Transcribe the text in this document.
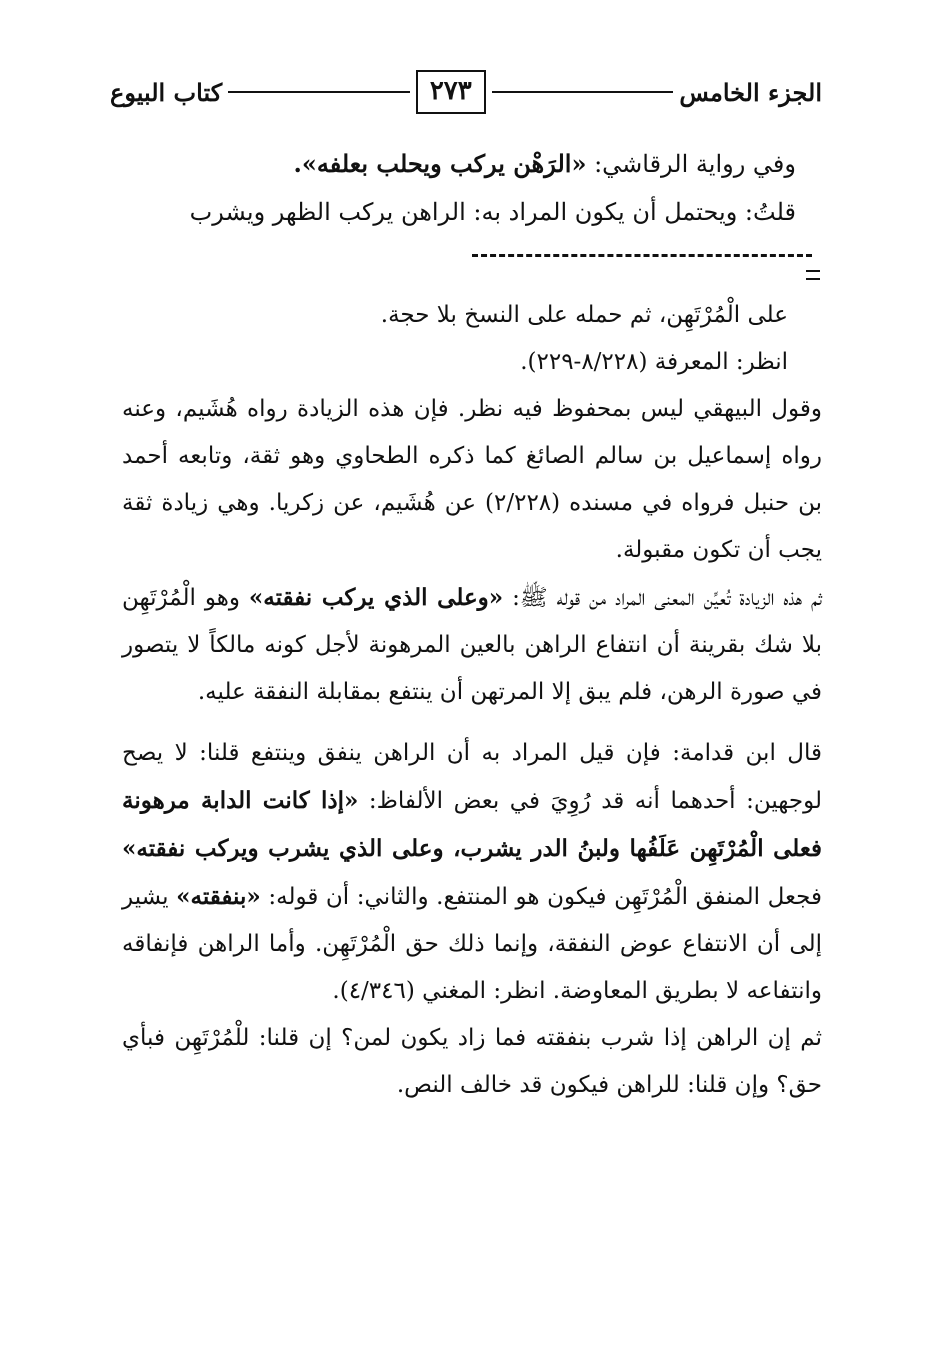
الجزء الخامس
٢٧٣
كتاب البيوع

وفي رواية الرقاشي: «الرَهْن يركب ويحلب بعلفه».

قلتُ: ويحتمل أن يكون المراد به: الراهن يركب الظهر ويشرب

على الْمُرْتَهِن، ثم حمله على النسخ بلا حجة.

انظر: المعرفة (٨/٢٢٨-٢٢٩).

وقول البيهقي ليس بمحفوظ فيه نظر. فإن هذه الزيادة رواه هُشَيم، وعنه رواه إسماعيل بن سالم الصائغ كما ذكره الطحاوي وهو ثقة، وتابعه أحمد بن حنبل فرواه في مسنده (٢/٢٢٨) عن هُشَيم، عن زكريا. وهي زيادة ثقة يجب أن تكون مقبولة.

ثم هذه الزيادة تُعيِّن المعنى المراد من قوله ﷺ: «وعلى الذي يركب نفقته» وهو الْمُرْتَهِن بلا شك بقرينة أن انتفاع الراهن بالعين المرهونة لأجل كونه مالكاً لا يتصور في صورة الرهن، فلم يبق إلا المرتهن أن ينتفع بمقابلة النفقة عليه.

قال ابن قدامة: فإن قيل المراد به أن الراهن ينفق وينتفع قلنا: لا يصح لوجهين: أحدهما أنه قد رُوِيَ في بعض الألفاظ: «إذا كانت الدابة مرهونة فعلى الْمُرْتَهِن عَلَفُها ولبنُ الدر يشرب، وعلى الذي يشرب ويركب نفقته» فجعل المنفق الْمُرْتَهِن فيكون هو المنتفع. والثاني: أن قوله: «بنفقته» يشير إلى أن الانتفاع عوض النفقة، وإنما ذلك حق الْمُرْتَهِن. وأما الراهن فإنفاقه وانتفاعه لا بطريق المعاوضة. انظر: المغني (٤/٣٤٦).

ثم إن الراهن إذا شرب بنفقته فما زاد يكون لمن؟ إن قلنا: للْمُرْتَهِن فبأي حق؟ وإن قلنا: للراهن فيكون قد خالف النص.
